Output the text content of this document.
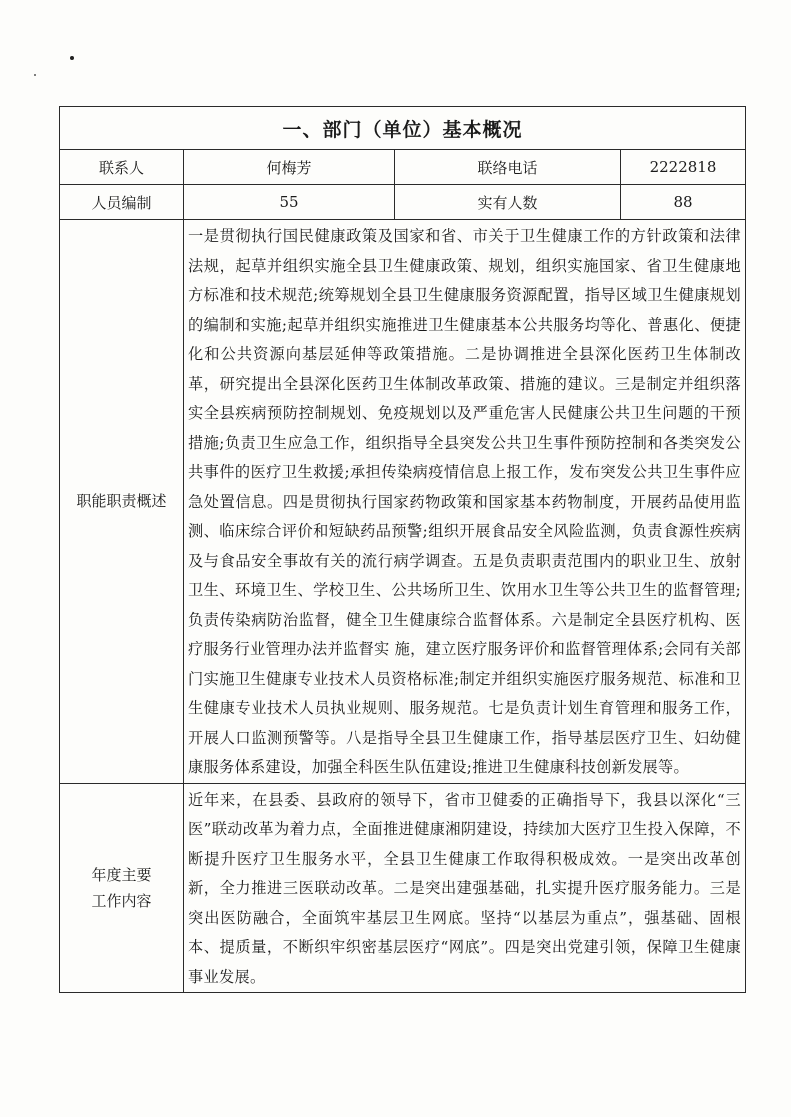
一、部门（单位）基本概况			
联系人	何梅芳	联络电话	2222818
人员编制	55	实有人数	88
职能职责概述	一是贯彻执行国民健康政策及国家和省、市关于卫生健康工作的方针政策和法律法规，起草并组织实施全县卫生健康政策、规划，组织实施国家、省卫生健康地方标准和技术规范;统筹规划全县卫生健康服务资源配置，指导区域卫生健康规划的编制和实施;起草并组织实施推进卫生健康基本公共服务均等化、普惠化、便捷化和公共资源向基层延伸等政策措施。二是协调推进全县深化医药卫生体制改革，研究提出全县深化医药卫生体制改革政策、措施的建议。三是制定并组织落实全县疾病预防控制规划、免疫规划以及严重危害人民健康公共卫生问题的干预措施;负责卫生应急工作，组织指导全县突发公共卫生事件预防控制和各类突发公共事件的医疗卫生救援;承担传染病疫情信息上报工作，发布突发公共卫生事件应急处置信息。四是贯彻执行国家药物政策和国家基本药物制度，开展药品使用监测、临床综合评价和短缺药品预警;组织开展食品安全风险监测，负责食源性疾病及与食品安全事故有关的流行病学调查。五是负责职责范围内的职业卫生、放射卫生、环境卫生、学校卫生、公共场所卫生、饮用水卫生等公共卫生的监督管理;负责传染病防治监督，健全卫生健康综合监督体系。六是制定全县医疗机构、医疗服务行业管理办法并监督实 施，建立医疗服务评价和监督管理体系;会同有关部门实施卫生健康专业技术人员资格标准;制定并组织实施医疗服务规范、标准和卫生健康专业技术人员执业规则、服务规范。七是负责计划生育管理和服务工作，开展人口监测预警等。八是指导全县卫生健康工作，指导基层医疗卫生、妇幼健康服务体系建设，加强全科医生队伍建设;推进卫生健康科技创新发展等。		

年度主要
工作内容	近年来，在县委、县政府的领导下，省市卫健委的正确指导下，我县以深化“三医”联动改革为着力点，全面推进健康湘阴建设，持续加大医疗卫生投入保障，不断提升医疗卫生服务水平，全县卫生健康工作取得积极成效。一是突出改革创新，全力推进三医联动改革。二是突出建强基础，扎实提升医疗服务能力。三是突出医防融合，全面筑牢基层卫生网底。坚持“以基层为重点”，强基础、固根本、提质量，不断织牢织密基层医疗“网底”。四是突出党建引领，保障卫生健康事业发展。		
